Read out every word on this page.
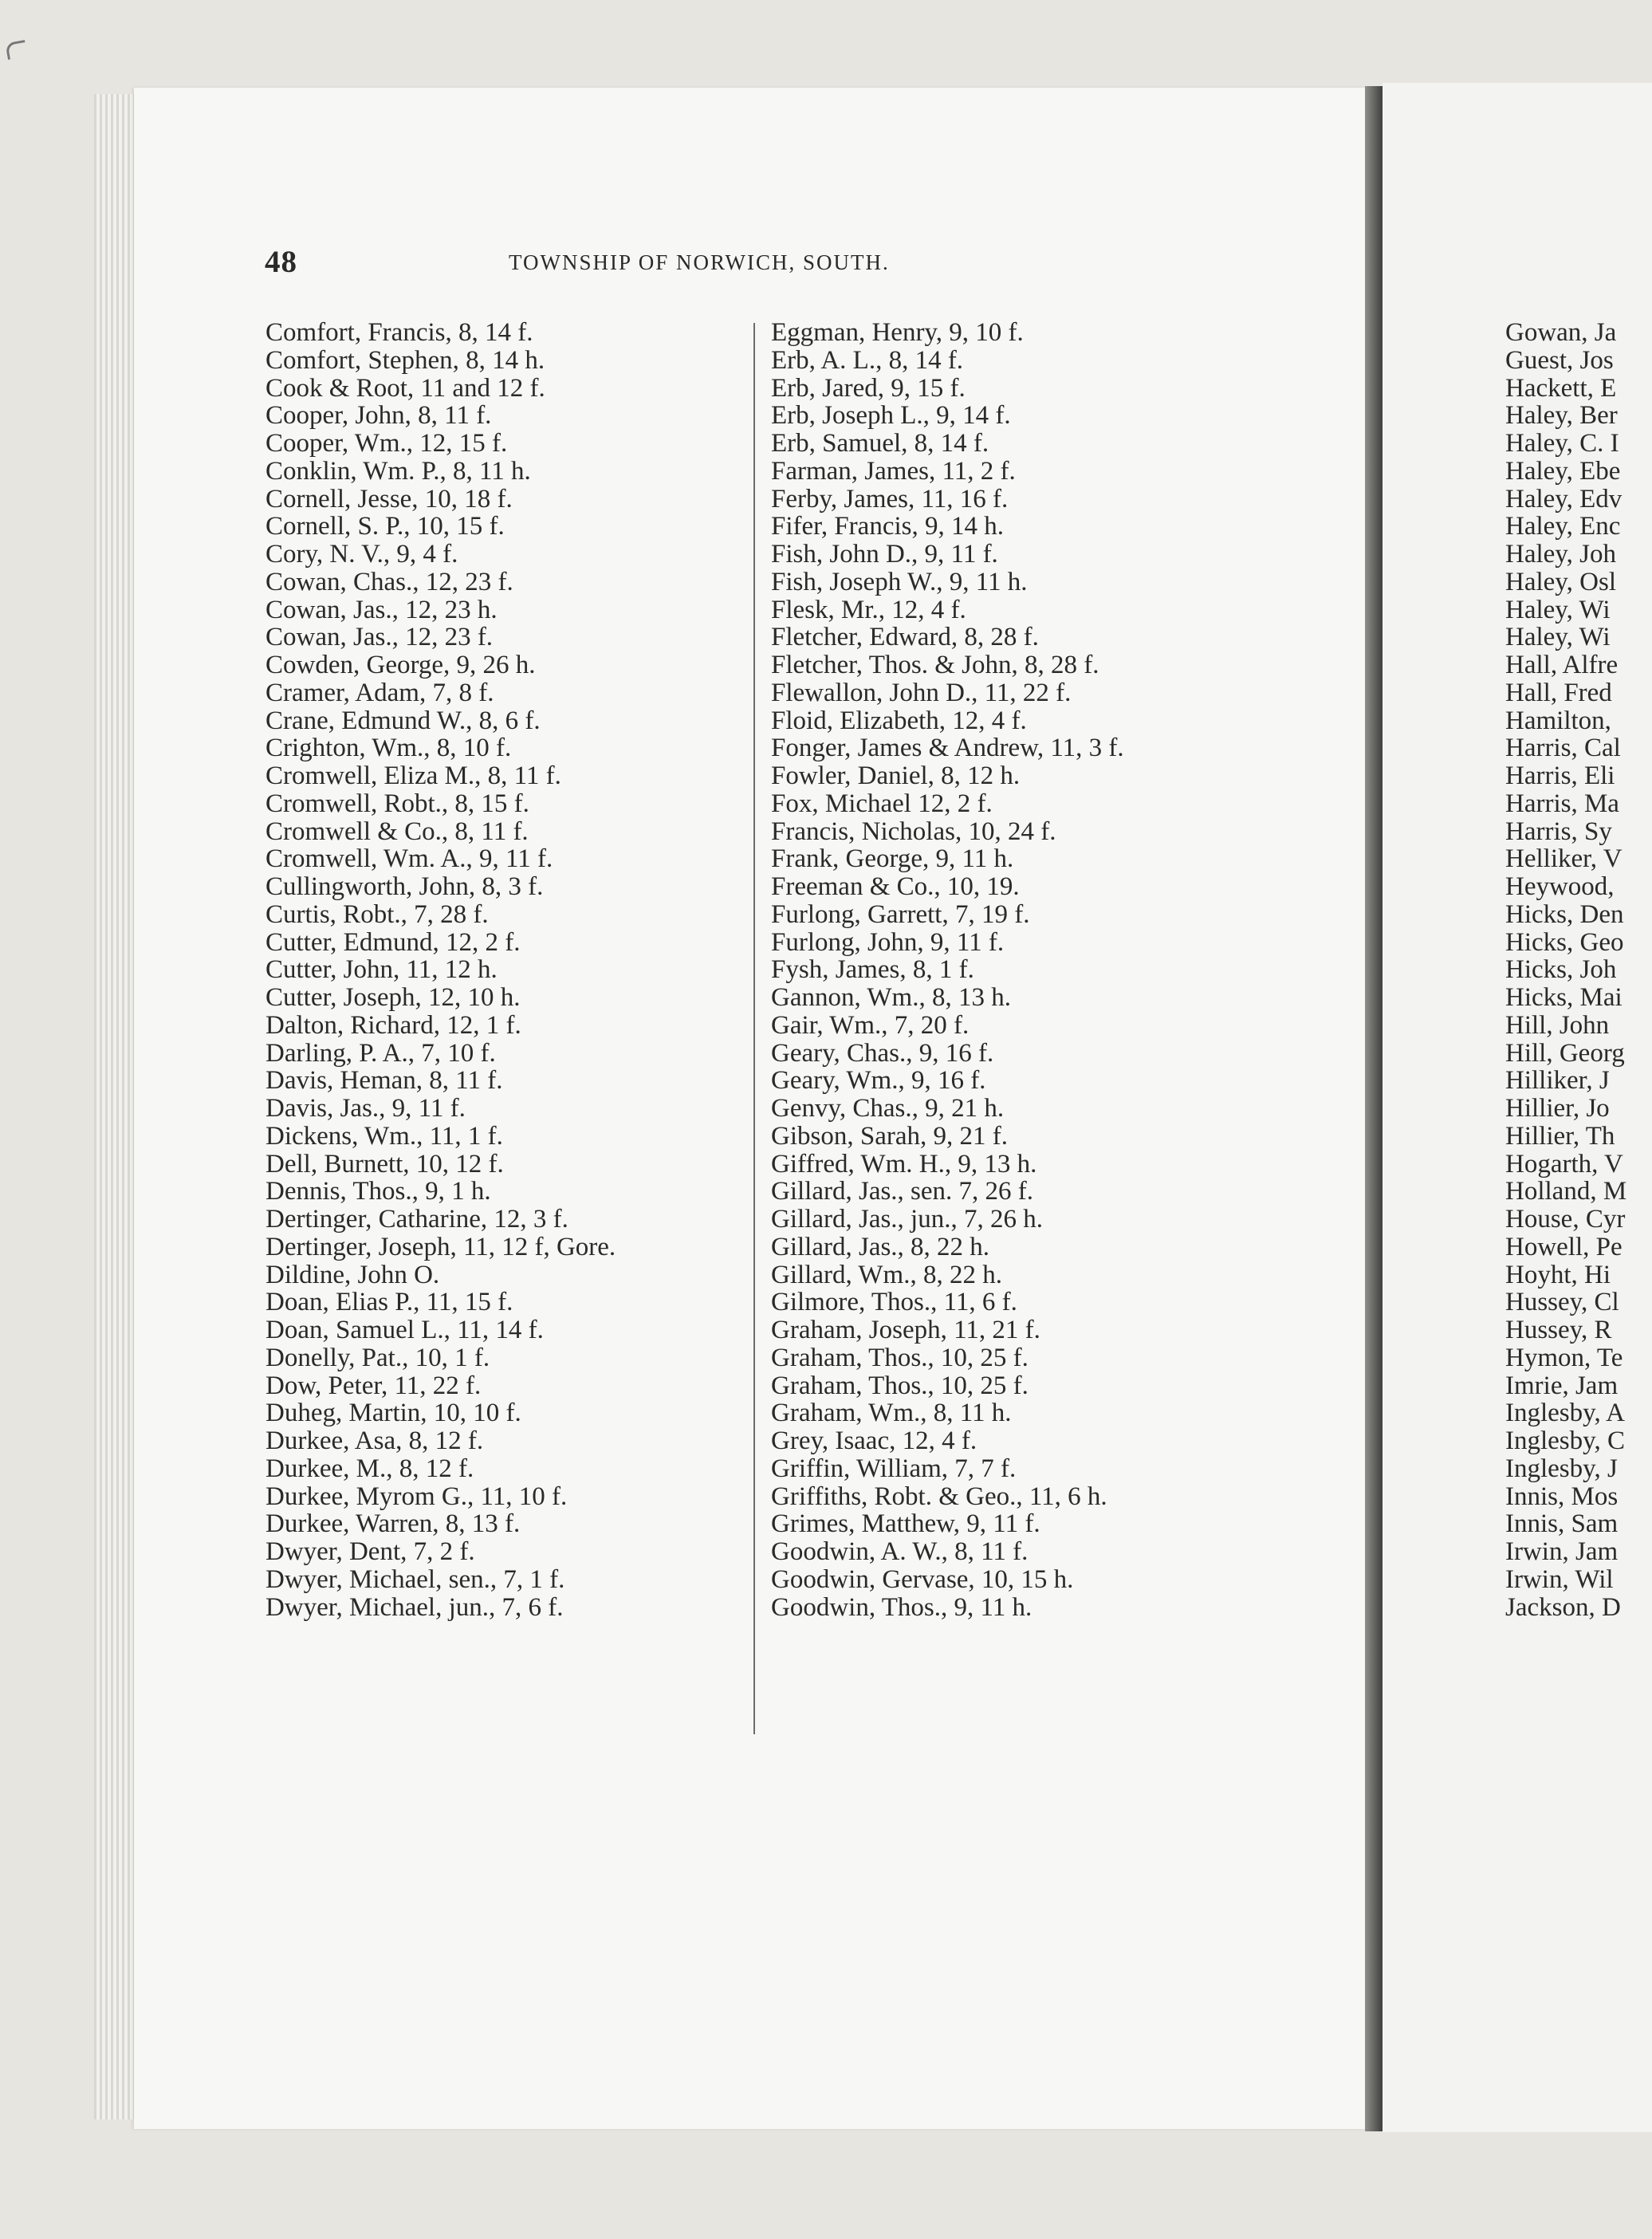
48	TOWNSHIP OF NORWICH, SOUTH.
Comfort, Francis, 8, 14 f.
Comfort, Stephen, 8, 14 h.
Cook & Root, 11 and 12 f.
Cooper, John, 8, 11 f.
Cooper, Wm., 12, 15 f.
Conklin, Wm. P., 8, 11 h.
Cornell, Jesse, 10, 18 f.
Cornell, S. P., 10, 15 f.
Cory, N. V., 9, 4 f.
Cowan, Chas., 12, 23 f.
Cowan, Jas., 12, 23 h.
Cowan, Jas., 12, 23 f.
Cowden, George, 9, 26 h.
Cramer, Adam, 7, 8 f.
Crane, Edmund W., 8, 6 f.
Crighton, Wm., 8, 10 f.
Cromwell, Eliza M., 8, 11 f.
Cromwell, Robt., 8, 15 f.
Cromwell & Co., 8, 11 f.
Cromwell, Wm. A., 9, 11 f.
Cullingworth, John, 8, 3 f.
Curtis, Robt., 7, 28 f.
Cutter, Edmund, 12, 2 f.
Cutter, John, 11, 12 h.
Cutter, Joseph, 12, 10 h.
Dalton, Richard, 12, 1 f.
Darling, P. A., 7, 10 f.
Davis, Heman, 8, 11 f.
Davis, Jas., 9, 11 f.
Dickens, Wm., 11, 1 f.
Dell, Burnett, 10, 12 f.
Dennis, Thos., 9, 1 h.
Dertinger, Catharine, 12, 3 f.
Dertinger, Joseph, 11, 12 f, Gore.
Dildine, John O.
Doan, Elias P., 11, 15 f.
Doan, Samuel L., 11, 14 f.
Donelly, Pat., 10, 1 f.
Dow, Peter, 11, 22 f.
Duheg, Martin, 10, 10 f.
Durkee, Asa, 8, 12 f.
Durkee, M., 8, 12 f.
Durkee, Myrom G., 11, 10 f.
Durkee, Warren, 8, 13 f.
Dwyer, Dent, 7, 2 f.
Dwyer, Michael, sen., 7, 1 f.
Dwyer, Michael, jun., 7, 6 f.
Eggman, Henry, 9, 10 f.
Erb, A. L., 8, 14 f.
Erb, Jared, 9, 15 f.
Erb, Joseph L., 9, 14 f.
Erb, Samuel, 8, 14 f.
Farman, James, 11, 2 f.
Ferby, James, 11, 16 f.
Fifer, Francis, 9, 14 h.
Fish, John D., 9, 11 f.
Fish, Joseph W., 9, 11 h.
Flesk, Mr., 12, 4 f.
Fletcher, Edward, 8, 28 f.
Fletcher, Thos. & John, 8, 28 f.
Flewallon, John D., 11, 22 f.
Floid, Elizabeth, 12, 4 f.
Fonger, James & Andrew, 11, 3 f.
Fowler, Daniel, 8, 12 h.
Fox, Michael 12, 2 f.
Francis, Nicholas, 10, 24 f.
Frank, George, 9, 11 h.
Freeman & Co., 10, 19.
Furlong, Garrett, 7, 19 f.
Furlong, John, 9, 11 f.
Fysh, James, 8, 1 f.
Gannon, Wm., 8, 13 h.
Gair, Wm., 7, 20 f.
Geary, Chas., 9, 16 f.
Geary, Wm., 9, 16 f.
Genvy, Chas., 9, 21 h.
Gibson, Sarah, 9, 21 f.
Giffred, Wm. H., 9, 13 h.
Gillard, Jas., sen. 7, 26 f.
Gillard, Jas., jun., 7, 26 h.
Gillard, Jas., 8, 22 h.
Gillard, Wm., 8, 22 h.
Gilmore, Thos., 11, 6 f.
Graham, Joseph, 11, 21 f.
Graham, Thos., 10, 25 f.
Graham, Thos., 10, 25 f.
Graham, Wm., 8, 11 h.
Grey, Isaac, 12, 4 f.
Griffin, William, 7, 7 f.
Griffiths, Robt. & Geo., 11, 6 h.
Grimes, Matthew, 9, 11 f.
Goodwin, A. W., 8, 11 f.
Goodwin, Gervase, 10, 15 h.
Goodwin, Thos., 9, 11 h.
Gowan, Ja
Guest, Jos
Hackett, E
Haley, Ber
Haley, C. I
Haley, Ebe
Haley, Edv
Haley, Enc
Haley, Joh
Haley, Osl
Haley, Wi
Haley, Wi
Hall, Alfre
Hall, Fred
Hamilton,
Harris, Cal
Harris, Eli
Harris, Ma
Harris, Sy
Helliker, V
Heywood,
Hicks, Den
Hicks, Geo
Hicks, Joh
Hicks, Mai
Hill, John
Hill, Georg
Hilliker, J
Hillier, Jo
Hillier, Th
Hogarth, V
Holland, M
House, Cyr
Howell, Pe
Hoyht, Hi
Hussey, Cl
Hussey, R
Hymon, Te
Imrie, Jam
Inglesby, A
Inglesby, C
Inglesby, J
Innis, Mos
Innis, Sam
Irwin, Jam
Irwin, Wil
Jackson, D
